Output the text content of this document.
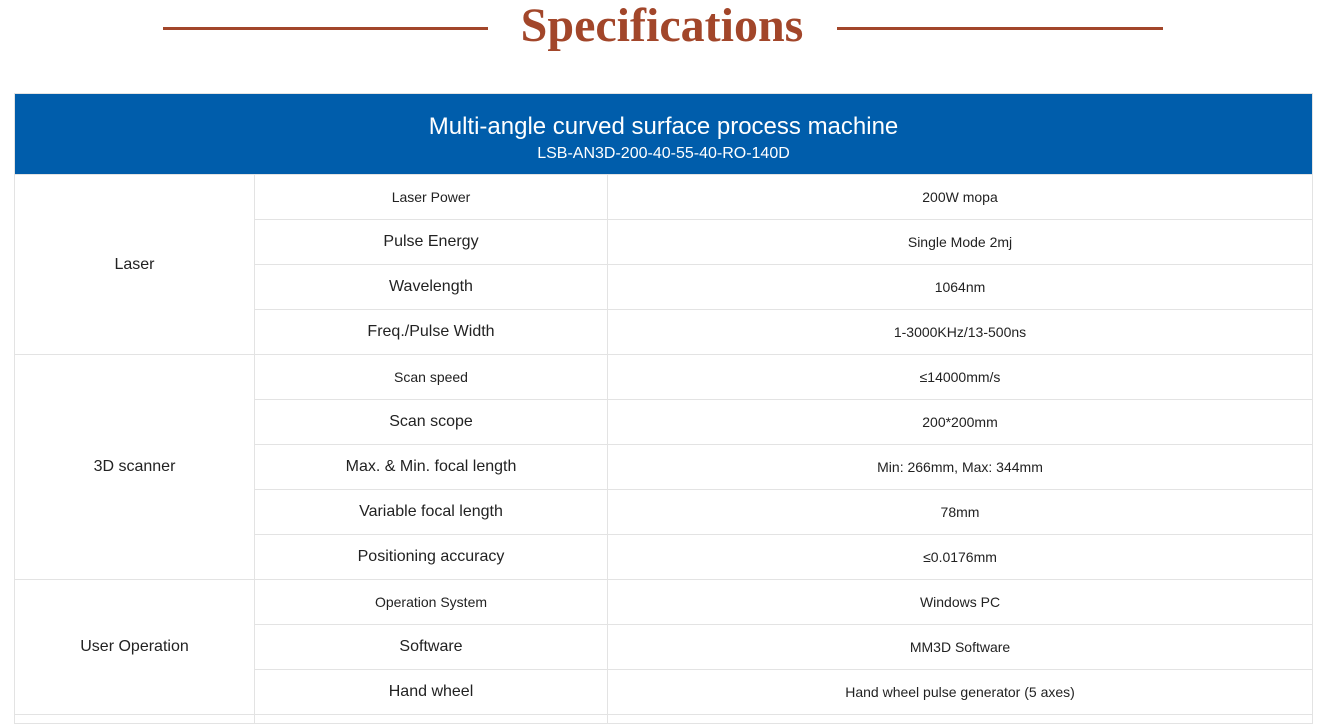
Specifications
Multi-angle curved surface process machine
LSB-AN3D-200-40-55-40-RO-140D		

Laser	Laser Power	200W mopa
	Pulse Energy	Single Mode 2mj
	Wavelength	1064nm
	Freq./Pulse Width	1-3000KHz/13-500ns
3D scanner	Scan speed	≤14000mm/s
	Scan scope	200*200mm
	Max. & Min. focal length	Min: 266mm, Max: 344mm
	Variable focal length	78mm
	Positioning accuracy	≤0.0176mm
User Operation	Operation System	Windows PC
	Software	MM3D Software
	Hand wheel	Hand wheel pulse generator (5 axes)
